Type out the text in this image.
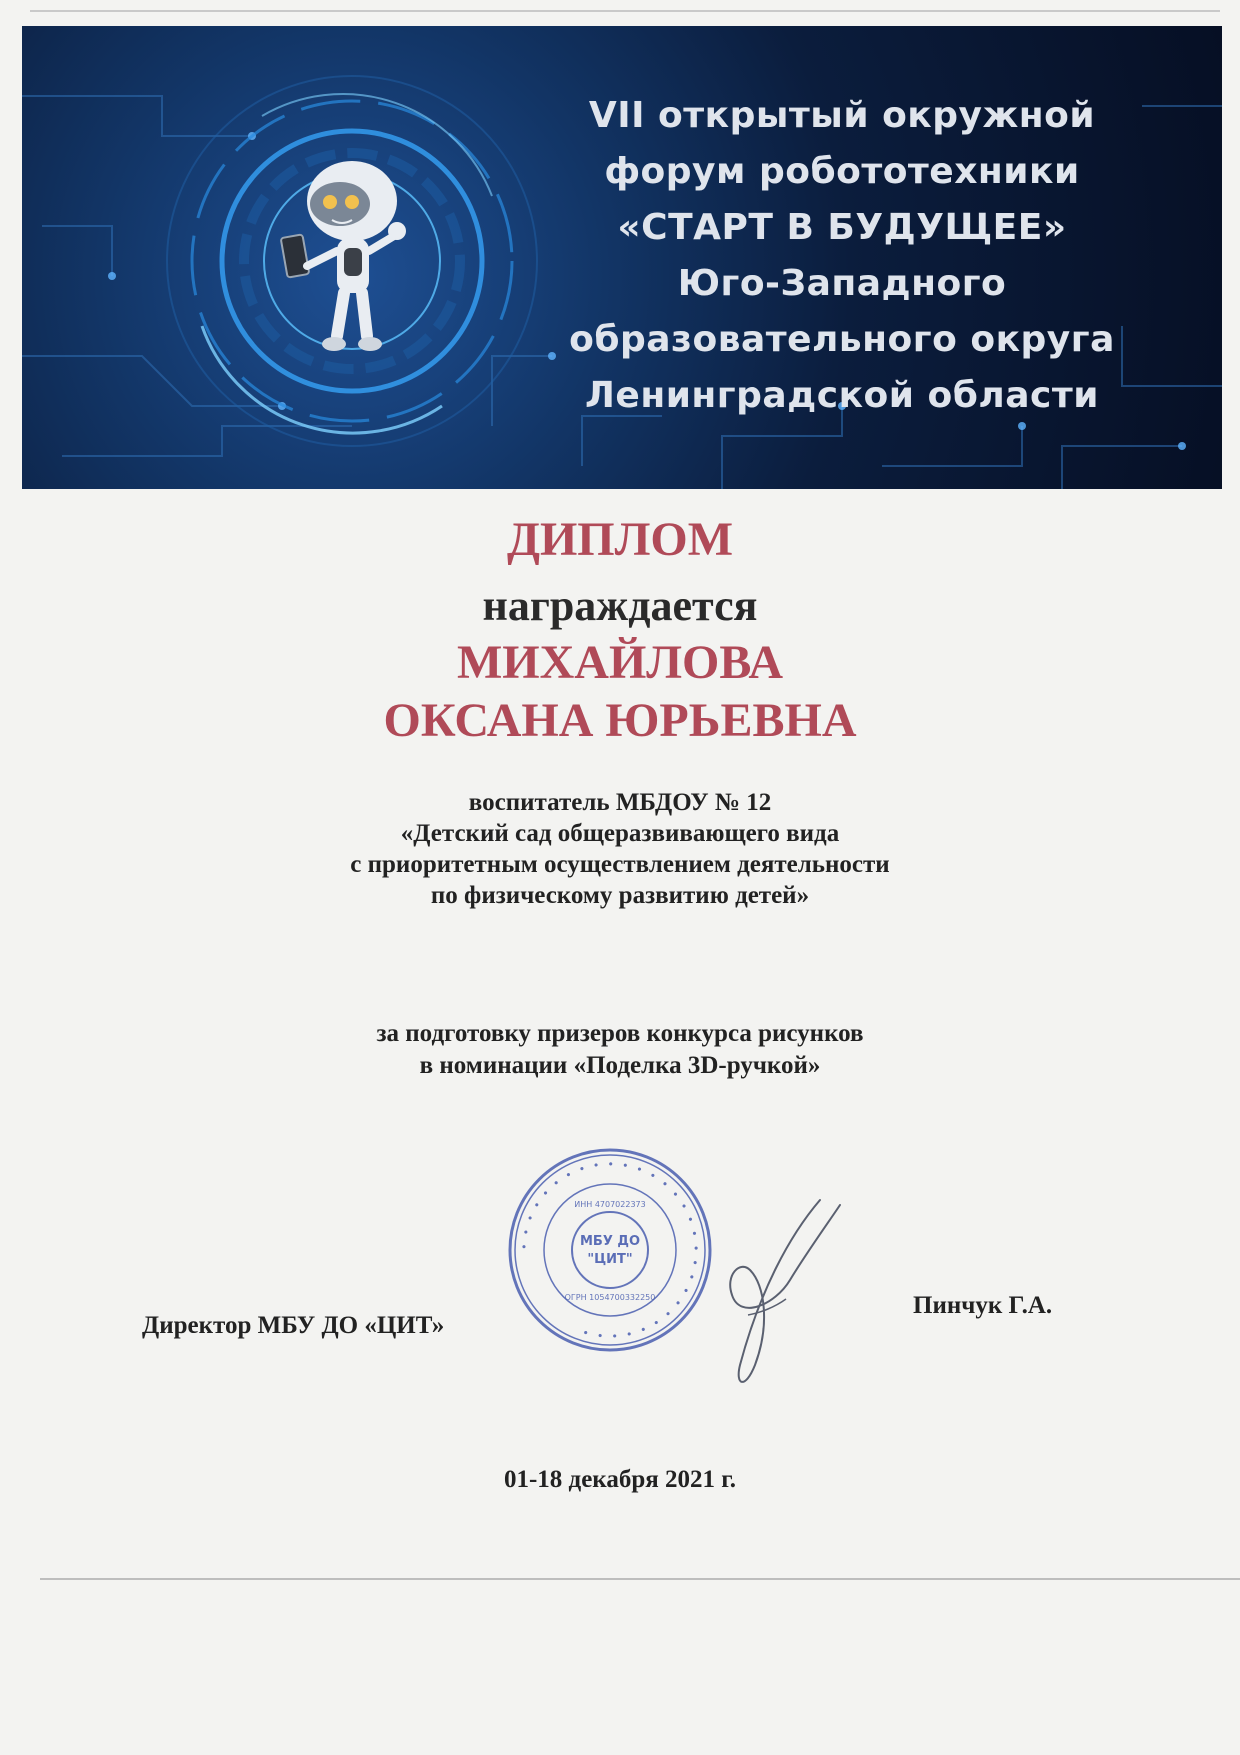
VII открытый окружной
форум робототехники
«СТАРТ В БУДУЩЕЕ»
Юго-Западного
образовательного округа
Ленинградской области
ДИПЛОМ
награждается
МИХАЙЛОВА
ОКСАНА ЮРЬЕВНА
воспитатель МБДОУ № 12
«Детский сад общеразвивающего вида
с приоритетным осуществлением деятельности
по физическому развитию детей»
за подготовку призеров конкурса рисунков
в номинации «Поделка 3D-ручкой»
Директор МБУ ДО «ЦИТ»
• • • • • • • • • • • • • • • • • • • • • • • • • • • • • •
ИНН 4707022373
МБУ ДО
"ЦИТ"
ОГРН 1054700332250	Пинчук Г.А.
01-18 декабря 2021 г.
